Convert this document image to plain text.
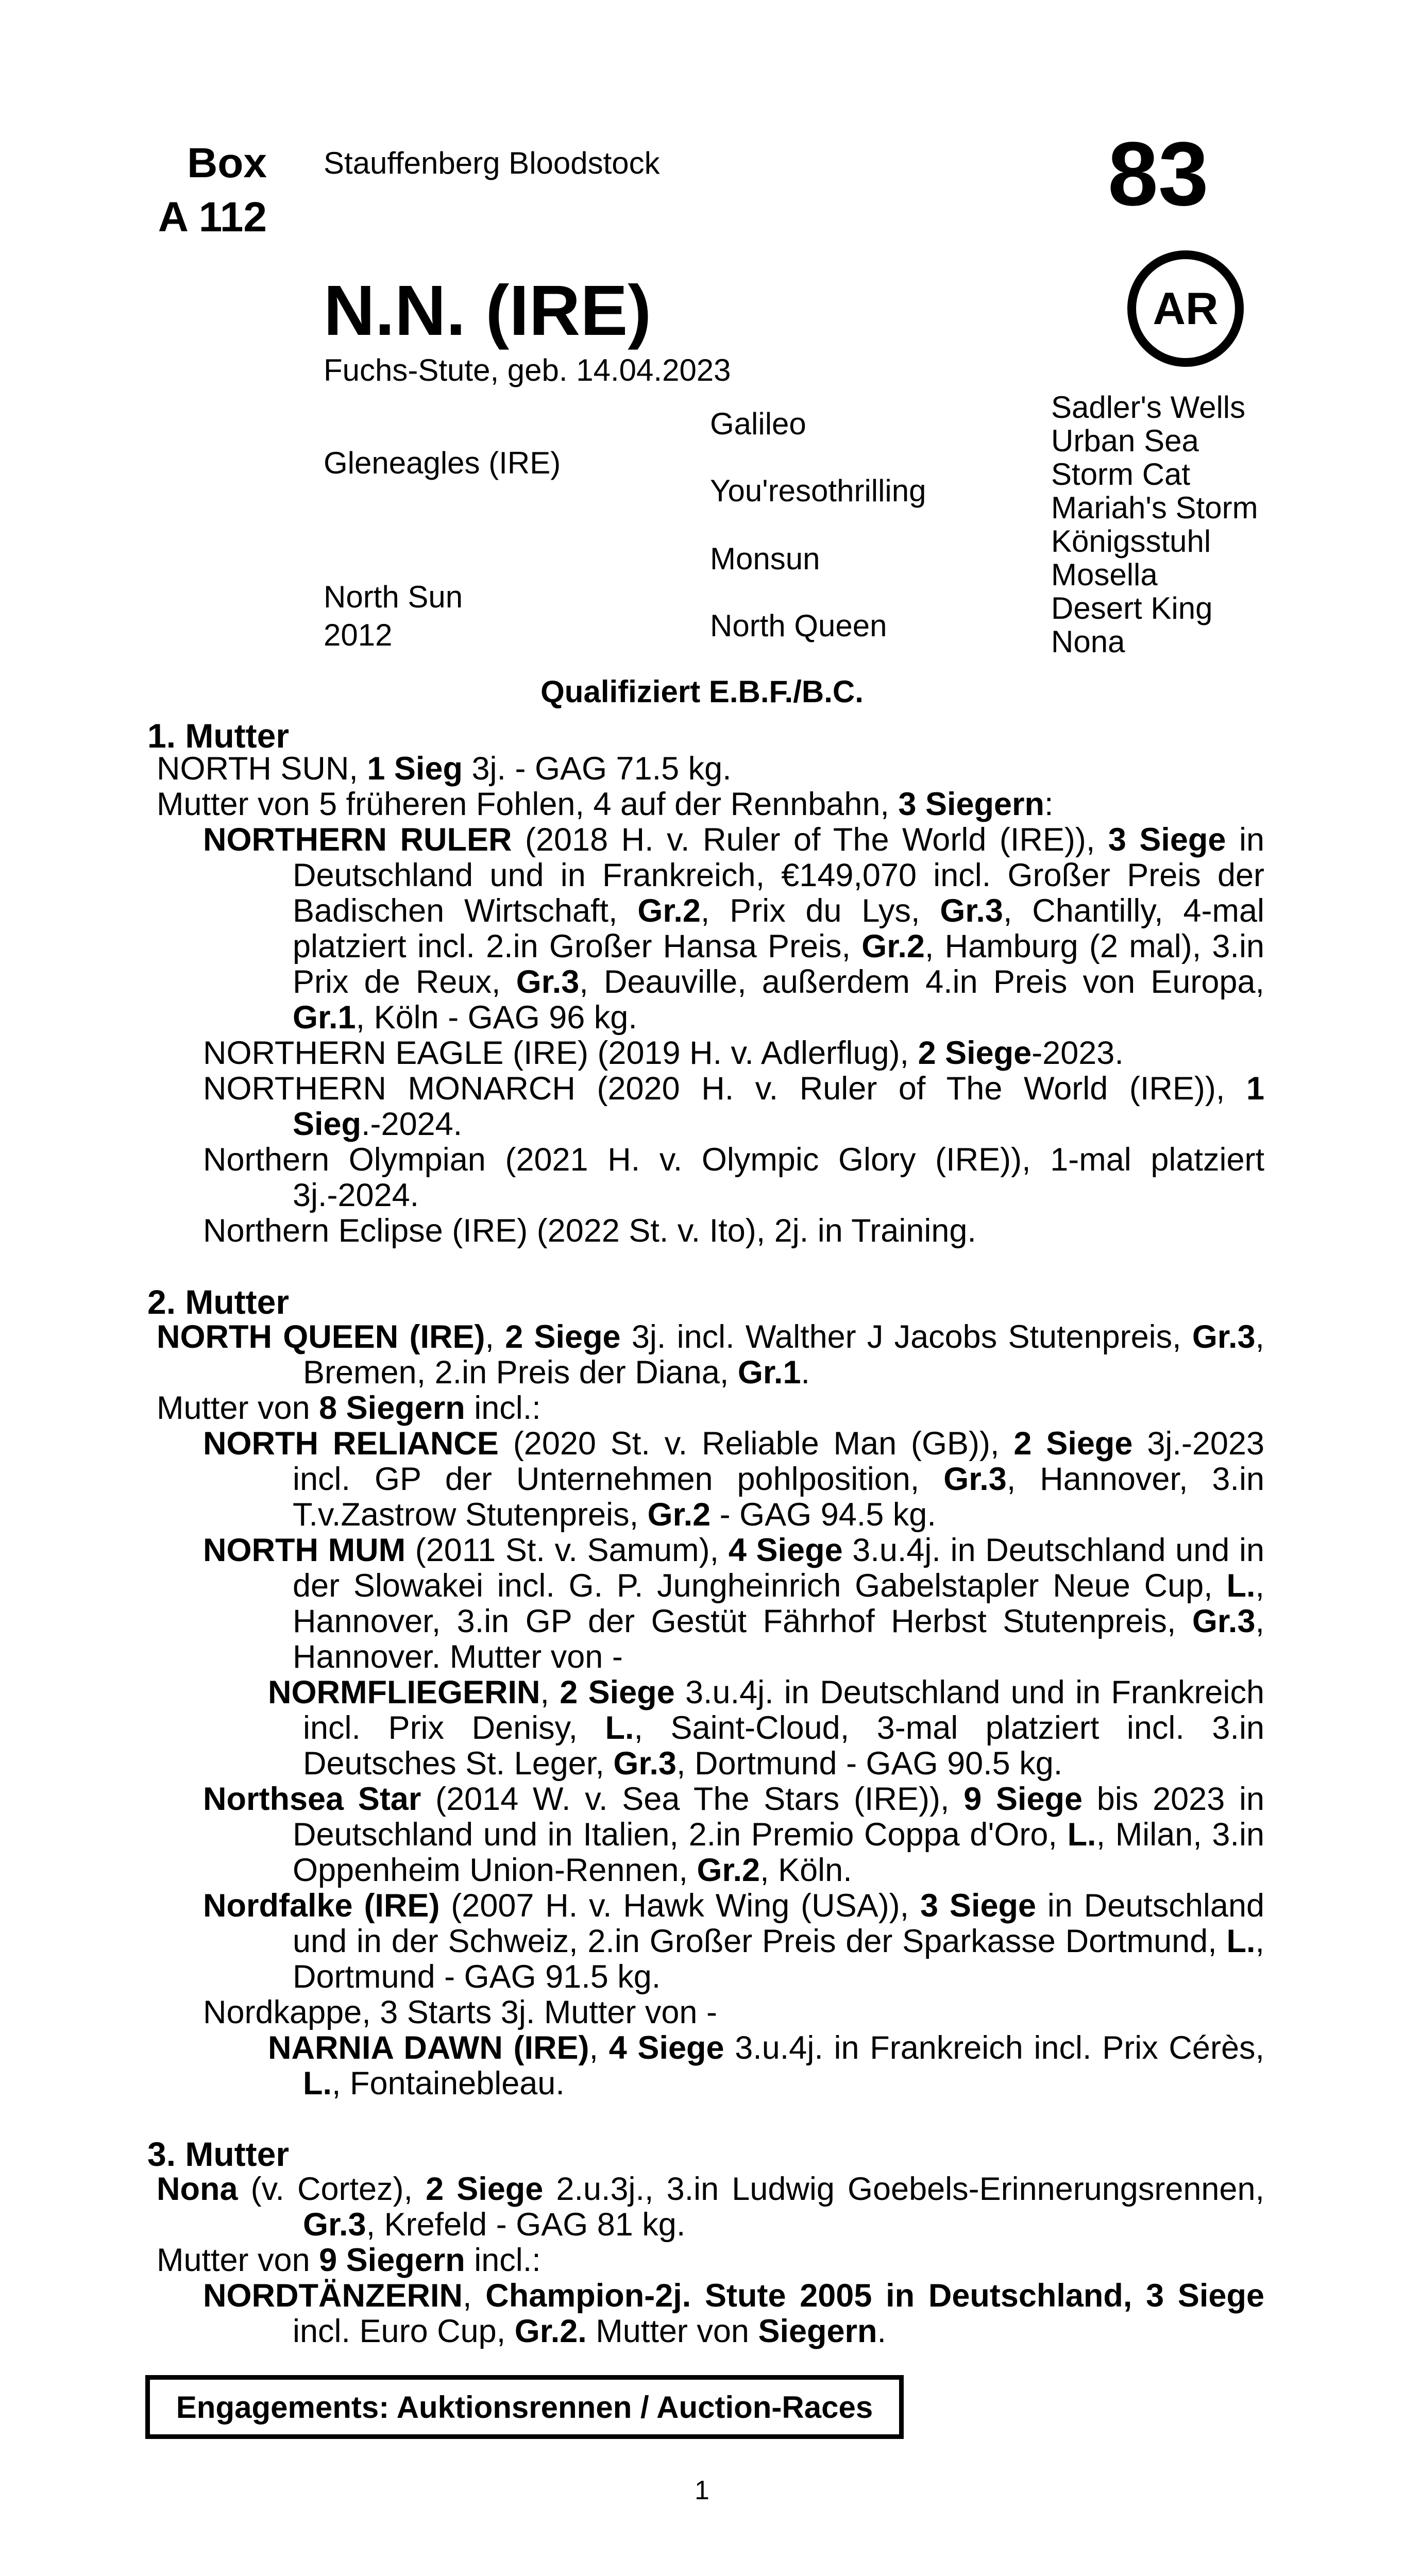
Box
A 112
Stauffenberg Bloodstock	83
AR
N.N. (IRE)
Fuchs-Stute, geb. 14.04.2023
Gleneagles (IRE)
North Sun
2012
Galileo
You'resothrilling
Monsun
North Queen
Sadler's Wells
Urban Sea
Storm Cat
Mariah's Storm
Königsstuhl
Mosella
Desert King
Nona
Qualifiziert E.B.F./B.C.
1. Mutter
NORTH SUN, 1 Sieg 3j. - GAG 71.5 kg.
Mutter von 5 früheren Fohlen, 4 auf der Rennbahn, 3 Siegern:
NORTHERN RULER (2018 H. v. Ruler of The World (IRE)), 3 Siege in Deutschland und in Frankreich, €149,070 incl. Großer Preis der Badischen Wirtschaft, Gr.2, Prix du Lys, Gr.3, Chantilly, 4-mal platziert incl. 2.in Großer Hansa Preis, Gr.2, Hamburg (2 mal), 3.in Prix de Reux, Gr.3, Deauville, außerdem 4.in Preis von Europa, Gr.1, Köln - GAG 96 kg.
NORTHERN EAGLE (IRE) (2019 H. v. Adlerflug), 2 Siege-2023.
NORTHERN MONARCH (2020 H. v. Ruler of The World (IRE)), 1 Sieg.-2024.
Northern Olympian (2021 H. v. Olympic Glory (IRE)), 1-mal platziert 3j.-2024.
Northern Eclipse (IRE) (2022 St. v. Ito), 2j. in Training.
2. Mutter
NORTH QUEEN (IRE), 2 Siege 3j. incl. Walther J Jacobs Stutenpreis, Gr.3, Bremen, 2.in Preis der Diana, Gr.1.
Mutter von 8 Siegern incl.:
NORTH RELIANCE (2020 St. v. Reliable Man (GB)), 2 Siege 3j.-2023 incl. GP der Unternehmen pohlposition, Gr.3, Hannover, 3.in T.v.Zastrow Stutenpreis, Gr.2 - GAG 94.5 kg.
NORTH MUM (2011 St. v. Samum), 4 Siege 3.u.4j. in Deutschland und in der Slowakei incl. G. P. Jungheinrich Gabelstapler Neue Cup, L., Hannover, 3.in GP der Gestüt Fährhof Herbst Stutenpreis, Gr.3, Hannover. Mutter von -
NORMFLIEGERIN, 2 Siege 3.u.4j. in Deutschland und in Frankreich incl. Prix Denisy, L., Saint-Cloud, 3-mal platziert incl. 3.in Deutsches St. Leger, Gr.3, Dortmund - GAG 90.5 kg.
Northsea Star (2014 W. v. Sea The Stars (IRE)), 9 Siege bis 2023 in Deutschland und in Italien, 2.in Premio Coppa d'Oro, L., Milan, 3.in Oppenheim Union-Rennen, Gr.2, Köln.
Nordfalke (IRE) (2007 H. v. Hawk Wing (USA)), 3 Siege in Deutschland und in der Schweiz, 2.in Großer Preis der Sparkasse Dortmund, L., Dortmund - GAG 91.5 kg.
Nordkappe, 3 Starts 3j. Mutter von -
NARNIA DAWN (IRE), 4 Siege 3.u.4j. in Frankreich incl. Prix Cérès, L., Fontainebleau.
3. Mutter
Nona (v. Cortez), 2 Siege 2.u.3j., 3.in Ludwig Goebels-Erinnerungsrennen, Gr.3, Krefeld - GAG 81 kg.
Mutter von 9 Siegern incl.:
NORDTÄNZERIN, Champion-2j. Stute 2005 in Deutschland, 3 Siege incl. Euro Cup, Gr.2. Mutter von Siegern.
Engagements: Auktionsrennen / Auction-Races
1
